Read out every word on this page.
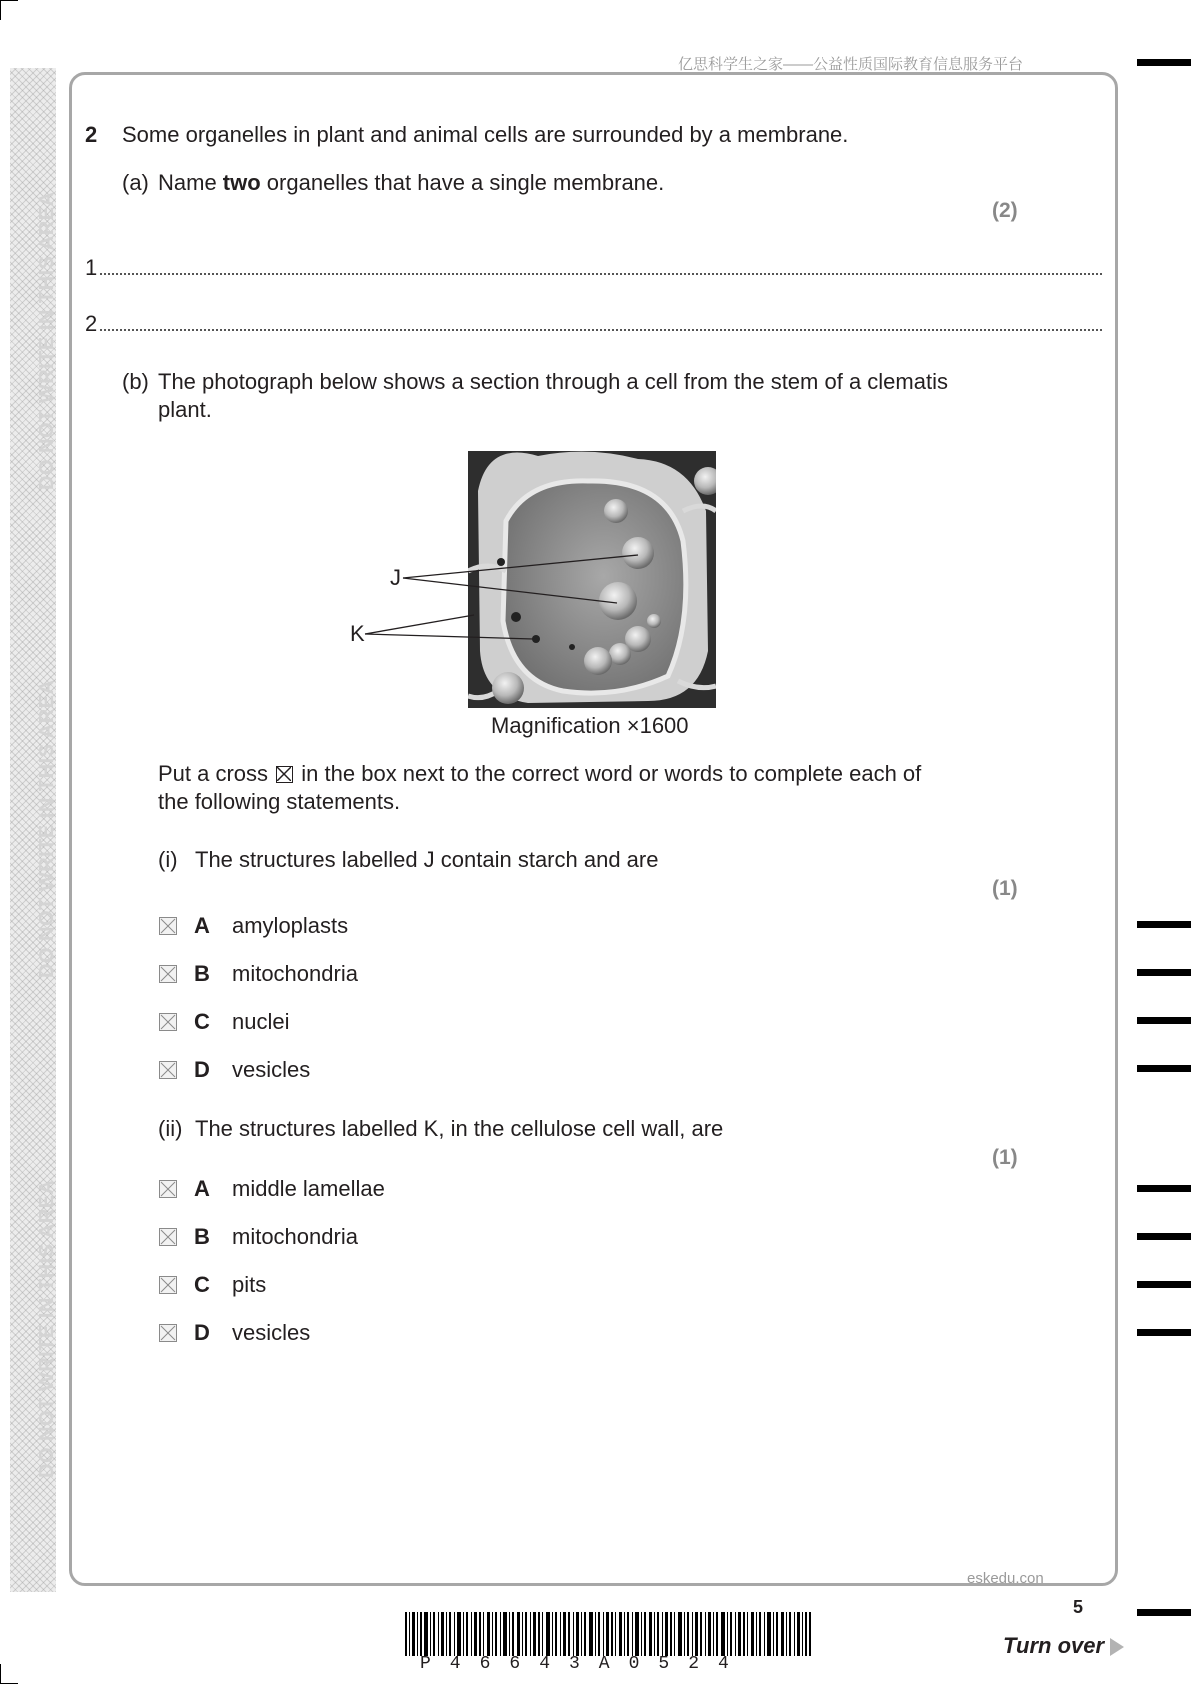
DO NOT WRITE IN THIS AREA
DO NOT WRITE IN THIS AREA
DO NOT WRITE IN THIS AREA
亿思科学生之家——公益性质国际教育信息服务平台
2 Some organelles in plant and animal cells are surrounded by a membrane.
(a) Name two organelles that have a single membrane.
(2)
1
2
(b) The photograph below shows a section through a cell from the stem of a clematis
plant.
J
K
Magnification ×1600
Put a cross ☒ in the box next to the correct word or words to complete each of
the following statements.
(i) The structures labelled J contain starch and are
(1)
A amyloplasts
B mitochondria
C nuclei
D vesicles
(ii) The structures labelled K, in the cellulose cell wall, are
(1)
A middle lamellae
B mitochondria
C pits
D vesicles
eskedu.con
5
P46643A0524
Turn over
